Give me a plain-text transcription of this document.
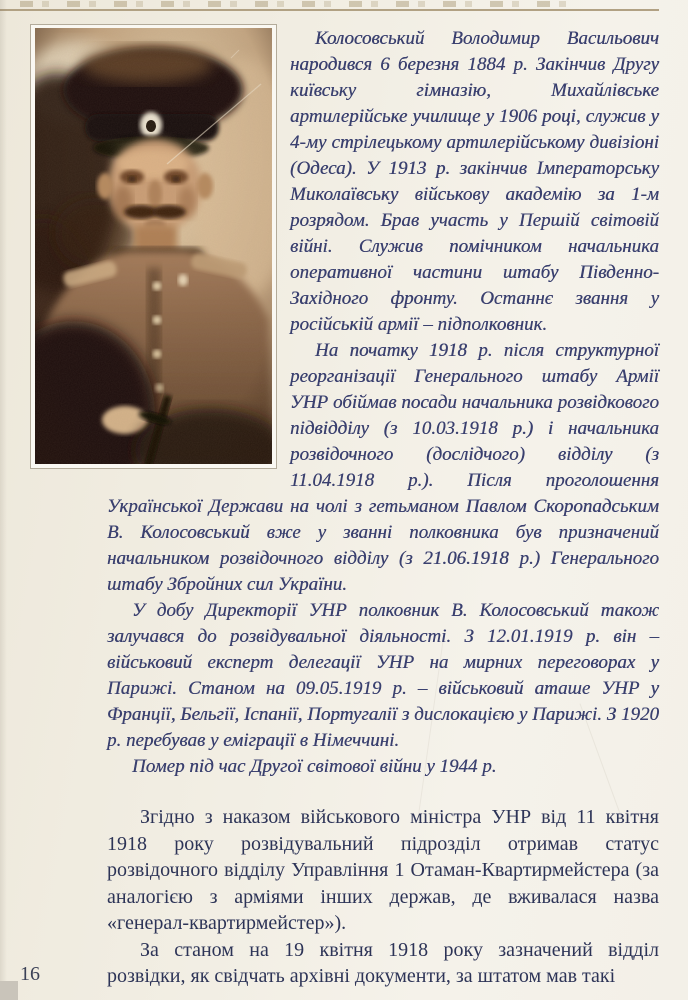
Колосовський Володимир Васильович народився 6 березня 1884 р. Закінчив Другу київську гімназію, Михайлівське артилерійське училище у 1906 році, служив у 4-му стрілецькому артилерійському дивізіоні (Одеса). У 1913 р. закінчив Імператорську Миколаївську військову академію за 1-м розрядом. Брав участь у Першій світовій війні. Служив помічником начальника оперативної частини штабу Південно-Західного фронту. Останнє звання у російській армії – підполковник.

На початку 1918 р. після структурної реорганізації Генерального штабу Армії УНР обіймав посади начальника розвідкового підвідділу (з 10.03.1918 р.) і начальника розвідочного (дослідчого) відділу (з 11.04.1918 р.). Після проголошення Української Держави на чолі з гетьманом Павлом Скоропадським В. Колосовський вже у званні полковника був призначений начальником розвідочного відділу (з 21.06.1918 р.) Генерального штабу Збройних сил України.

У добу Директорії УНР полковник В. Колосовський також залучався до розвідувальної діяльності. З 12.01.1919 р. він – військовий експерт делегації УНР на мирних переговорах у Парижі. Станом на 09.05.1919 р. – військовий аташе УНР у Франції, Бельгії, Іспанії, Португалії з дислокацією у Парижі. З 1920 р. перебував у еміграції в Німеччині.

Помер під час Другої світової війни у 1944 р.

Згідно з наказом військового міністра УНР від 11 квітня 1918 року розвідувальний підрозділ отримав статус розвідочного відділу Управління 1 Отаман-Квартирмейстера (за аналогією з арміями інших держав, де вживалася назва «генерал-квартирмейстер»).

За станом на 19 квітня 1918 року зазначений відділ розвідки, як свідчать архівні документи, за штатом мав такі

16
